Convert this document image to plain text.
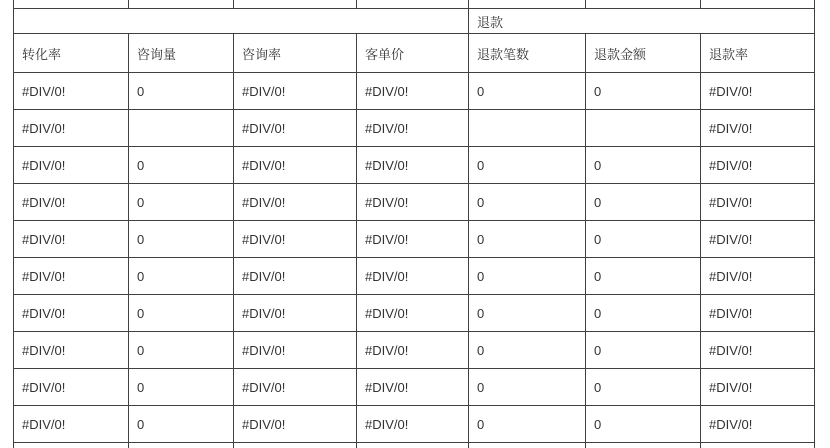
				退款		
转化率	咨询量	咨询率	客单价	退款笔数	退款金额	退款率
#DIV/0!	0	#DIV/0!	#DIV/0!	0	0	#DIV/0!
#DIV/0!		#DIV/0!	#DIV/0!			#DIV/0!
#DIV/0!	0	#DIV/0!	#DIV/0!	0	0	#DIV/0!
#DIV/0!	0	#DIV/0!	#DIV/0!	0	0	#DIV/0!
#DIV/0!	0	#DIV/0!	#DIV/0!	0	0	#DIV/0!
#DIV/0!	0	#DIV/0!	#DIV/0!	0	0	#DIV/0!
#DIV/0!	0	#DIV/0!	#DIV/0!	0	0	#DIV/0!
#DIV/0!	0	#DIV/0!	#DIV/0!	0	0	#DIV/0!
#DIV/0!	0	#DIV/0!	#DIV/0!	0	0	#DIV/0!
#DIV/0!	0	#DIV/0!	#DIV/0!	0	0	#DIV/0!
